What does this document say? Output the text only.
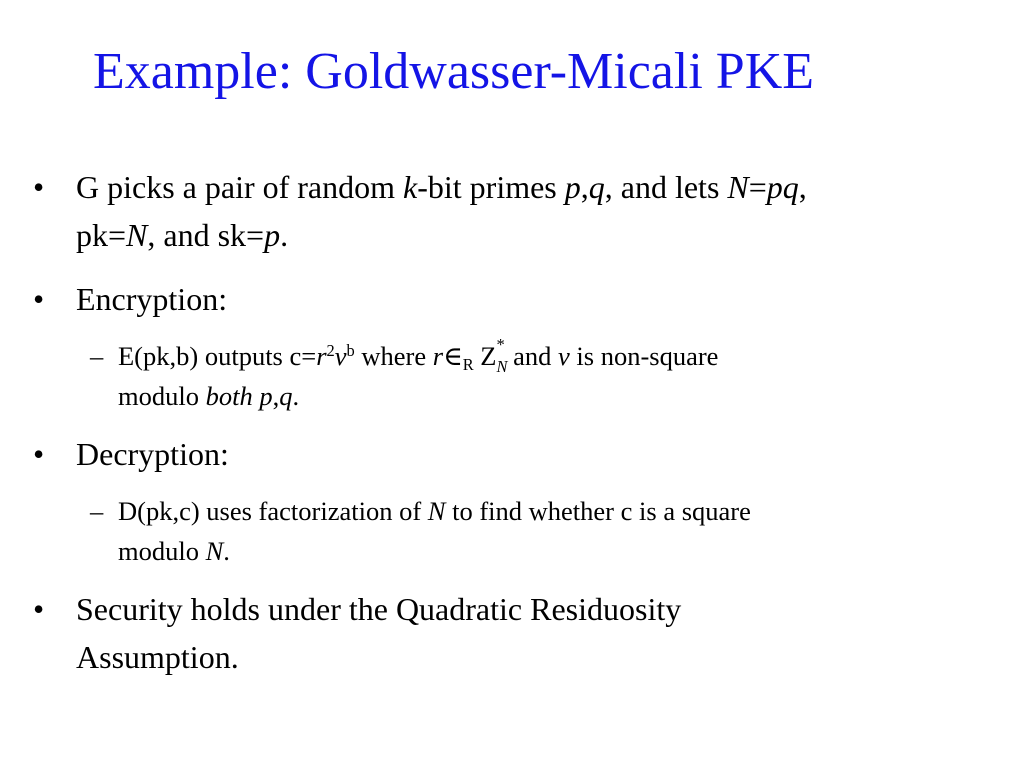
Example: Goldwasser-Micali PKE
• G picks a pair of random k-bit primes p,q, and lets N=pq,
pk=N, and sk=p.
• Encryption:
– E(pk,b) outputs $c=r^2v^b$ where $r\in_R$ Z *
N and v is non-square
modulo both p,q.
• Decryption:
– D(pk,c) uses factorization of N to find whether c is a square
modulo N.
• Security holds under the Quadratic Residuosity
Assumption.
